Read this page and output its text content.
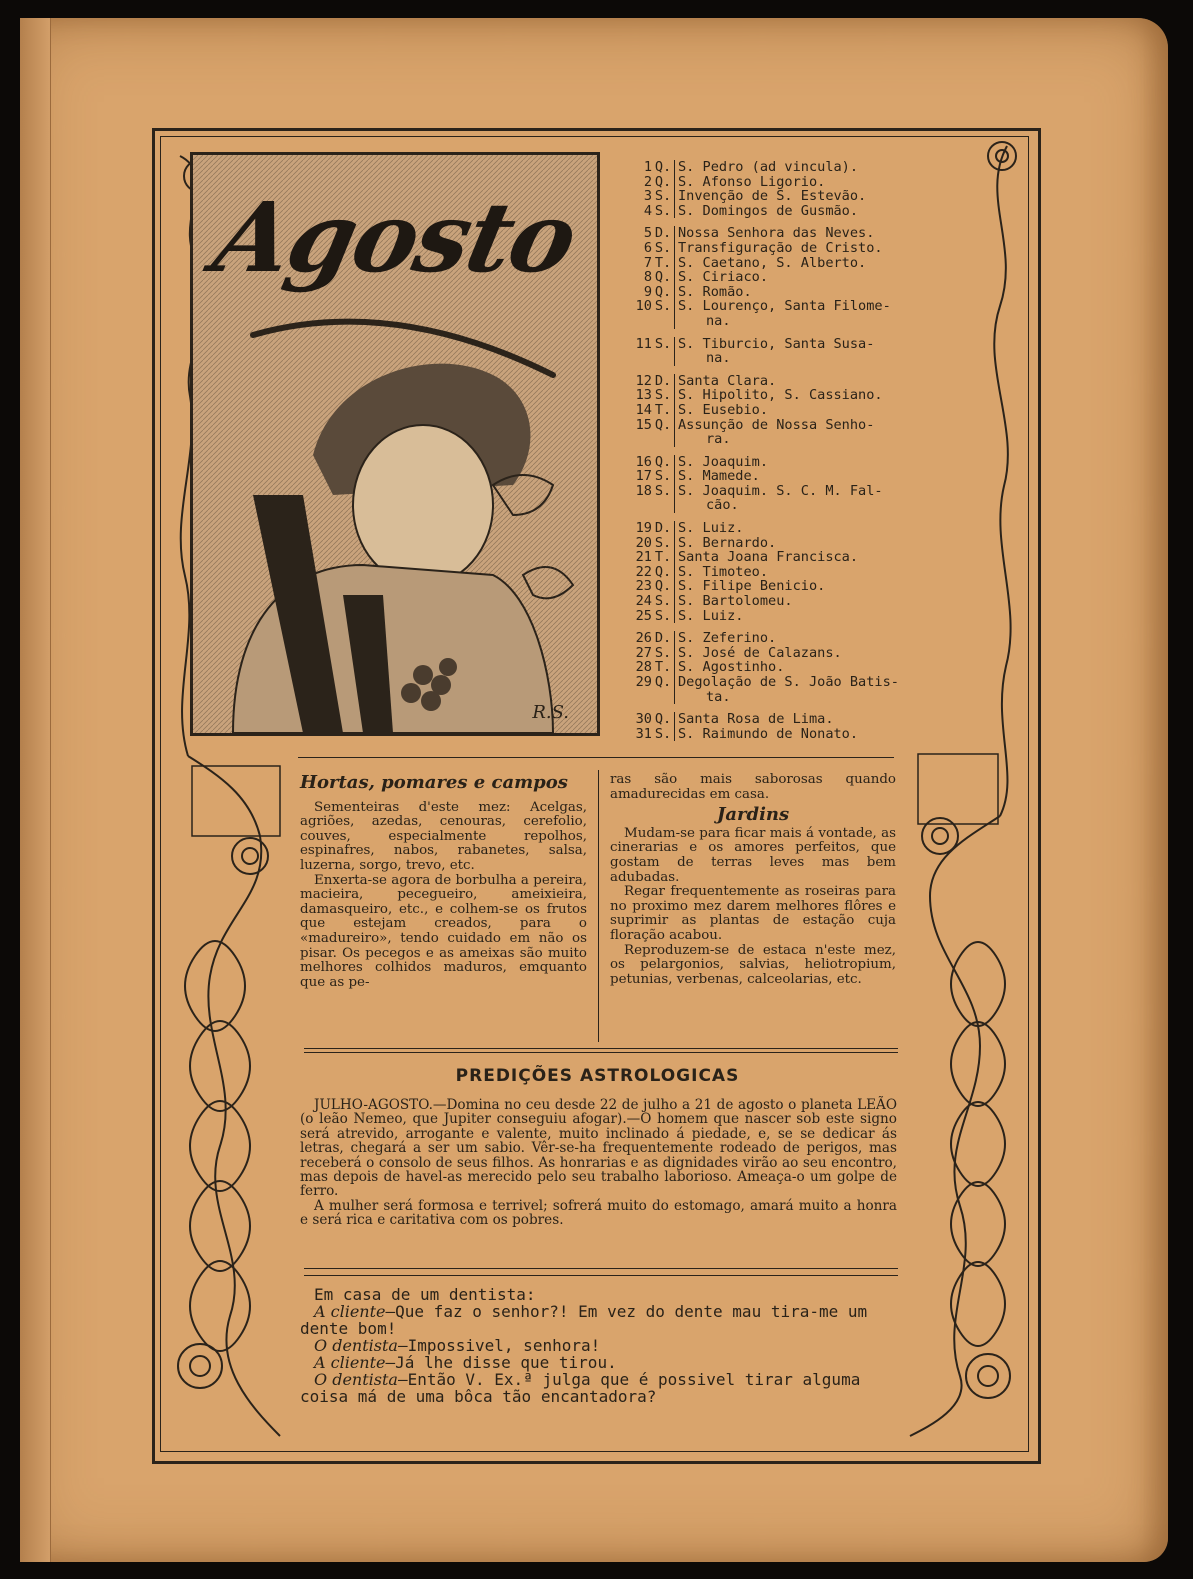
Agosto
R.S.
1 Q. S. Pedro (ad vincula).
2 Q. S. Afonso Ligorio.
3 S. Invenção de S. Estevão.
4 S. S. Domingos de Gusmão.
5 D. Nossa Senhora das Neves.
6 S. Transfiguração de Cristo.
7 T. S. Caetano, S. Alberto.
8 Q. S. Ciriaco.
9 Q. S. Romão.
10 S. S. Lourenço, Santa Filome-
na.
11 S. S. Tiburcio, Santa Susa-
na.
12 D. Santa Clara.
13 S. S. Hipolito, S. Cassiano.
14 T. S. Eusebio.
15 Q. Assunção de Nossa Senho-
ra.
16 Q. S. Joaquim.
17 S. S. Mamede.
18 S. S. Joaquim. S. C. M. Fal-
cão.
19 D. S. Luiz.
20 S. S. Bernardo.
21 T. Santa Joana Francisca.
22 Q. S. Timoteo.
23 Q. S. Filipe Benicio.
24 S. S. Bartolomeu.
25 S. S. Luiz.
26 D. S. Zeferino.
27 S. S. José de Calazans.
28 T. S. Agostinho.
29 Q. Degolação de S. João Batis-
ta.
30 Q. Santa Rosa de Lima.
31 S. S. Raimundo de Nonato.
Hortas, pomares e campos

Sementeiras d'este mez: Acelgas, agriões, azedas, cenouras, cerefolio, couves, especialmente repolhos, espinafres, nabos, rabanetes, salsa, luzerna, sorgo, trevo, etc.

Enxerta-se agora de borbulha a pereira, macieira, pecegueiro, ameixieira, damasqueiro, etc., e colhem-se os frutos que estejam creados, para o «madureiro», tendo cuidado em não os pisar. Os pecegos e as ameixas são muito melhores colhidos maduros, emquanto que as pe-

ras são mais saborosas quando amadurecidas em casa.

Jardins

Mudam-se para ficar mais á vontade, as cinerarias e os amores perfeitos, que gostam de terras leves mas bem adubadas.

Regar frequentemente as roseiras para no proximo mez darem melhores flôres e suprimir as plantas de estação cuja floração acabou.

Reproduzem-se de estaca n'este mez, os pelargonios, salvias, heliotropium, petunias, verbenas, calceolarias, etc.

PREDIÇÕES ASTROLOGICAS

JULHO-AGOSTO.—Domina no ceu desde 22 de julho a 21 de agosto o planeta LEÃO (o leão Nemeo, que Jupiter conseguiu afogar).—O homem que nascer sob este signo será atrevido, arrogante e valente, muito inclinado á piedade, e, se se dedicar ás letras, chegará a ser um sabio. Vêr-se-ha frequentemente rodeado de perigos, mas receberá o consolo de seus filhos. As honrarias e as dignidades virão ao seu encontro, mas depois de havel-as merecido pelo seu trabalho laborioso. Ameaça-o um golpe de ferro.

A mulher será formosa e terrivel; sofrerá muito do estomago, amará muito a honra e será rica e caritativa com os pobres.

Em casa de um dentista:

A cliente—Que faz o senhor?! Em vez do dente mau tira-me um dente bom!

O dentista—Impossivel, senhora!

A cliente—Já lhe disse que tirou.

O dentista—Então V. Ex.ª julga que é possivel tirar alguma coisa má de uma bôca tão encantadora?
